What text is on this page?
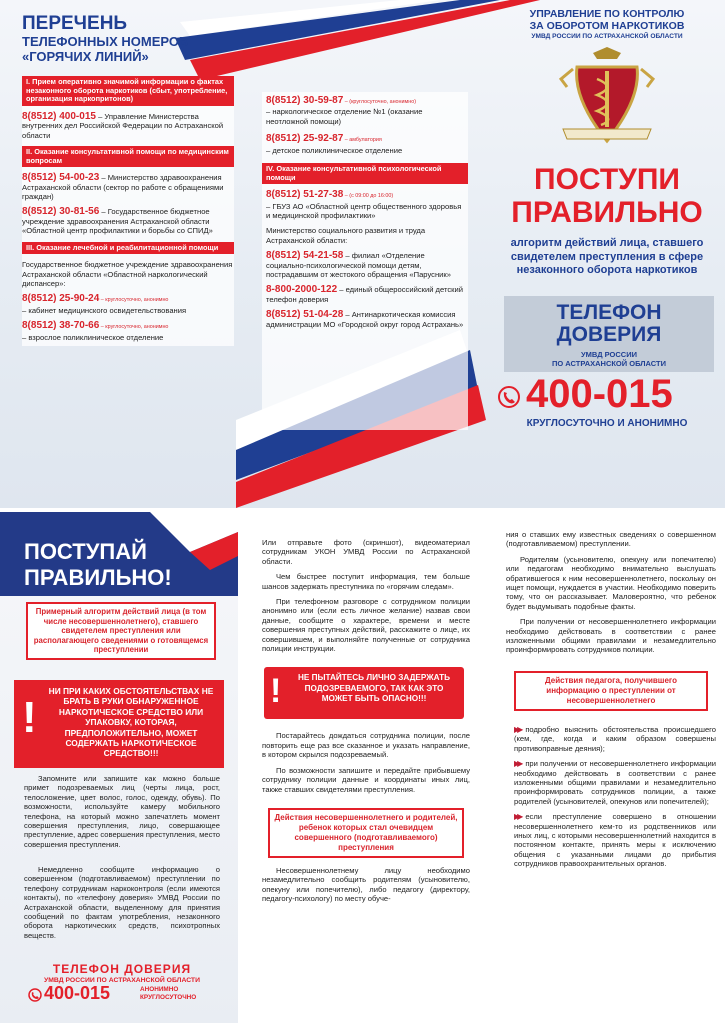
ПЕРЕЧЕНЬ
ТЕЛЕФОННЫХ НОМЕРОВ
«ГОРЯЧИХ ЛИНИЙ»
I. Прием оперативно значимой информации о фактах незаконного оборота наркотиков (сбыт, употребление, организация наркопритонов)
8(8512) 400-015 – Управление Министерства внутренних дел Российской Федерации по Астраханской области
II. Оказание консультативной помощи по медицинским вопросам
8(8512) 54-00-23 – Министерство здравоохранения Астраханской области (сектор по работе с обращениями граждан)
8(8512) 30-81-56 – Государственное бюджетное учреждение здравоохранения Астраханской области «Областной центр профилактики и борьбы со СПИД»
III. Оказание лечебной и реабилитационной помощи
Государственное бюджетное учреждение здравоохранения Астраханской области «Областной наркологический диспансер»:
8(8512) 25-90-24 – круглосуточно, анонимно
– кабинет медицинского освидетельствования
8(8512) 38-70-66 – круглосуточно, анонимно
– взрослое поликлиническое отделение
8(8512) 30-59-87 – (круглосуточно, анонимно)
– наркологическое отделение №1 (оказание неотложной помощи)
8(8512) 25-92-87 – амбулатория
– детское поликлиническое отделение
IV. Оказание консультативной психологической помощи
8(8512) 51-27-38 – (с 09:00 до 16:00)
– ГБУЗ АО «Областной центр общественного здоровья и медицинской профилактики»
Министерство социального развития и труда Астраханской области:
8(8512) 54-21-58 – филиал «Отделение социально-психологической помощи детям, пострадавшим от жестокого обращения «Парусник»
8-800-2000-122 – единый общероссийский детский телефон доверия
8(8512) 51-04-28 – Антинаркотическая комиссия администрации МО «Городской округ город Астрахань»
УПРАВЛЕНИЕ ПО КОНТРОЛЮ
ЗА ОБОРОТОМ НАРКОТИКОВ
УМВД РОССИИ ПО АСТРАХАНСКОЙ ОБЛАСТИ
ПОСТУПИ
ПРАВИЛЬНО
алгоритм действий лица, ставшего свидетелем преступления в сфере незаконного оборота наркотиков
ТЕЛЕФОН
ДОВЕРИЯ
УМВД РОССИИ
ПО АСТРАХАНСКОЙ ОБЛАСТИ
400-015
КРУГЛОСУТОЧНО И АНОНИМНО
ПОСТУПАЙ
ПРАВИЛЬНО!
Примерный алгоритм действий лица (в том числе несовершеннолетнего), ставшего свидетелем преступления или располагающего сведениями о готовящемся преступлении
!
НИ ПРИ КАКИХ ОБСТОЯТЕЛЬСТВАХ НЕ БРАТЬ В РУКИ ОБНАРУЖЕННОЕ НАРКОТИЧЕСКОЕ СРЕДСТВО ИЛИ УПАКОВКУ, КОТОРАЯ, ПРЕДПОЛОЖИТЕЛЬНО, МОЖЕТ СОДЕРЖАТЬ НАРКОТИЧЕСКОЕ СРЕДСТВО!!!
Запомните или запишите как можно больше примет подозреваемых лиц (черты лица, рост, телосложение, цвет волос, голос, одежду, обувь). По возможности, используйте камеру мобильного телефона, на который можно запечатлеть момент совершения преступления, лицо, совершающее преступление, адрес совершения преступления, место совершения преступления.
Немедленно сообщите информацию о совершенном (подготавливаемом) преступлении по телефону сотрудникам наркоконтроля (если имеются контакты), по «телефону доверия» УМВД России по Астраханской области, выделенному для принятия сообщений по фактам употребления, незаконного оборота наркотических средств, психотропных веществ.
ТЕЛЕФОН ДОВЕРИЯ
УМВД РОССИИ ПО АСТРАХАНСКОЙ ОБЛАСТИ
400-015	АНОНИМНО
КРУГЛОСУТОЧНО
Или отправьте фото (скриншот), видеоматериал сотрудникам УКОН УМВД России по Астраханской области.
Чем быстрее поступит информация, тем больше шансов задержать преступника по «горячим следам».
При телефонном разговоре с сотрудником полиции анонимно или (если есть личное желание) назвав свои данные, сообщите о характере, времени и месте совершения преступных действий, расскажите о лице, их совершившем, и выполняйте полученные от сотрудника полиции инструкции.
!	НЕ ПЫТАЙТЕСЬ ЛИЧНО ЗАДЕРЖАТЬ ПОДОЗРЕВАЕМОГО, ТАК КАК ЭТО МОЖЕТ БЫТЬ ОПАСНО!!!
Постарайтесь дождаться сотрудника полиции, после повторить еще раз все сказанное и указать направление, в котором скрылся подозреваемый.
По возможности запишите и передайте прибывшему сотруднику полиции данные и координаты иных лиц, также ставших свидетелями преступления.
Действия несовершеннолетнего и родителей, ребенок которых стал очевидцем совершенного (подготавливаемого) преступления
Несовершеннолетнему лицу необходимо незамедлительно сообщить родителям (усыновителю, опекуну или попечителю), либо педагогу (директору, педагогу-психологу) по месту обуче-
ния о ставших ему известных сведениях о совершенном (подготавливаемом) преступлении.
Родителям (усыновителю, опекуну или попечителю) или педагогам необходимо внимательно выслушать обратившегося к ним несовершеннолетнего, поскольку он ищет помощи, нуждается в участии. Необходимо поверить тому, что он рассказывает. Маловероятно, что ребенок будет выдумывать подобные факты.
При получении от несовершеннолетнего информации необходимо действовать в соответствии с ранее изложенными общими правилами и незамедлительно проинформировать сотрудников полиции.
Действия педагога, получившего информацию о преступлении от несовершеннолетнего
▶▶ подробно выяснить обстоятельства происшедшего (кем, где, когда и каким образом совершены противоправные деяния);
▶▶ при получении от несовершеннолетнего информации необходимо действовать в соответствии с ранее изложенными общими правилами и незамедлительно проинформировать сотрудников полиции, а также родителей (усыновителей, опекунов или попечителей);
▶▶ если преступление совершено в отношении несовершеннолетнего кем-то из родственников или иных лиц, с которыми несовершеннолетний находится в постоянном контакте, принять меры к исключению общения с указанными лицами до прибытия сотрудников правоохранительных органов.
